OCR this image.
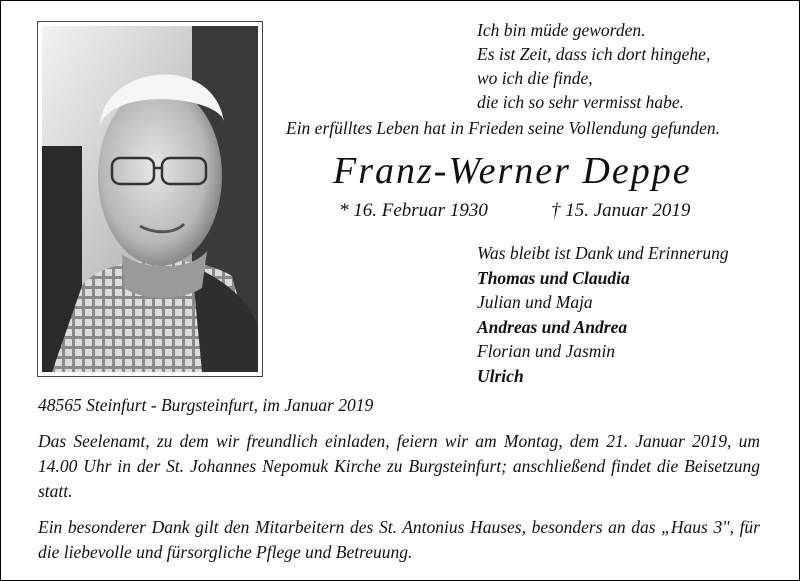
Ich bin müde geworden.
Es ist Zeit, dass ich dort hingehe,
wo ich die finde,
die ich so sehr vermisst habe.
Ein erfülltes Leben hat in Frieden seine Vollendung gefunden.
Franz-Werner Deppe
* 16. Februar 1930	† 15. Januar 2019
Was bleibt ist Dank und Erinnerung
Thomas und Claudia
Julian und Maja
Andreas und Andrea
Florian und Jasmin
Ulrich
48565 Steinfurt - Burgsteinfurt, im Januar 2019
Das Seelenamt, zu dem wir freundlich einladen, feiern wir am Montag, dem 21. Januar 2019, um 14.00 Uhr in der St. Johannes Nepomuk Kirche zu Burgsteinfurt; anschließend findet die Beisetzung statt.
Ein besonderer Dank gilt den Mitarbeitern des St. Antonius Hauses, besonders an das „Haus 3", für die liebevolle und fürsorgliche Pflege und Betreuung.
